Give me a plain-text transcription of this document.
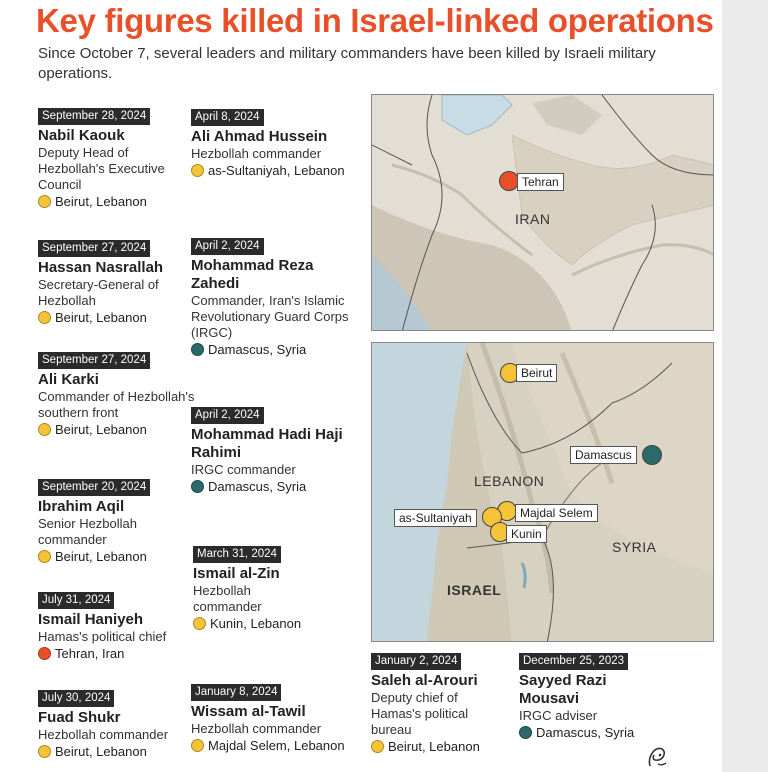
Key figures killed in Israel-linked operations

Since October 7, several leaders and military commanders have been killed by Israeli military operations.

September 28, 2024
Nabil Kaouk
Deputy Head of Hezbollah's Executive Council
Beirut, Lebanon
April 8, 2024
Ali Ahmad Hussein
Hezbollah commander
as-Sultaniyah, Lebanon
September 27, 2024
Hassan Nasrallah
Secretary-General of Hezbollah
Beirut, Lebanon
April 2, 2024
Mohammad Reza Zahedi
Commander, Iran's Islamic Revolutionary Guard Corps (IRGC)
Damascus, Syria
September 27, 2024
Ali Karki
Commander of Hezbollah's southern front
Beirut, Lebanon
April 2, 2024
Mohammad Hadi Haji Rahimi
IRGC commander
Damascus, Syria
September 20, 2024
Ibrahim Aqil
Senior Hezbollah commander
Beirut, Lebanon	March 31, 2024
Ismail al-Zin
Hezbollah commander
Kunin, Lebanon
July 31, 2024
Ismail Haniyeh
Hamas's political chief
Tehran, Iran	January 2, 2024
Saleh al-Arouri
Deputy chief of Hamas's political bureau
Beirut, Lebanon
December 25, 2023
Sayyed Razi Mousavi
IRGC adviser
Damascus, Syria
July 30, 2024
Fuad Shukr
Hezbollah commander
Beirut, Lebanon
January 8, 2024
Wissam al-Tawil
Hezbollah commander
Majdal Selem, Lebanon
Tehran
IRAN
Beirut
Damascus
Majdal Selem
as-Sultaniyah
Kunin
LEBANON
SYRIA
ISRAEL
